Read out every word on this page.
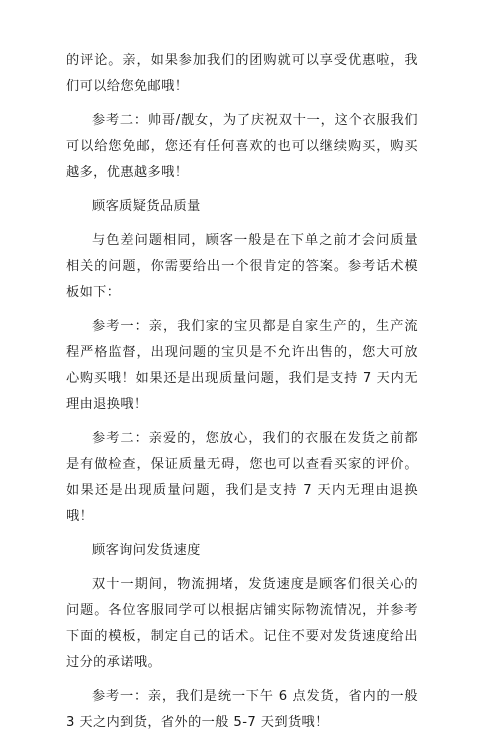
的评论。亲，如果参加我们的团购就可以享受优惠啦，我们可以给您免邮哦！

参考二：帅哥/靓女，为了庆祝双十一，这个衣服我们可以给您免邮，您还有任何喜欢的也可以继续购买，购买越多，优惠越多哦！

顾客质疑货品质量

与色差问题相同，顾客一般是在下单之前才会问质量相关的问题，你需要给出一个很肯定的答案。参考话术模板如下：

参考一：亲，我们家的宝贝都是自家生产的，生产流程严格监督，出现问题的宝贝是不允许出售的，您大可放心购买哦！如果还是出现质量问题，我们是支持 7 天内无理由退换哦！

参考二：亲爱的，您放心，我们的衣服在发货之前都是有做检查，保证质量无碍，您也可以查看买家的评价。如果还是出现质量问题，我们是支持 7 天内无理由退换哦！

顾客询问发货速度

双十一期间，物流拥堵，发货速度是顾客们很关心的问题。各位客服同学可以根据店铺实际物流情况，并参考下面的模板，制定自己的话术。记住不要对发货速度给出过分的承诺哦。

参考一：亲，我们是统一下午 6 点发货，省内的一般 3 天之内到货，省外的一般 5-7 天到货哦！
